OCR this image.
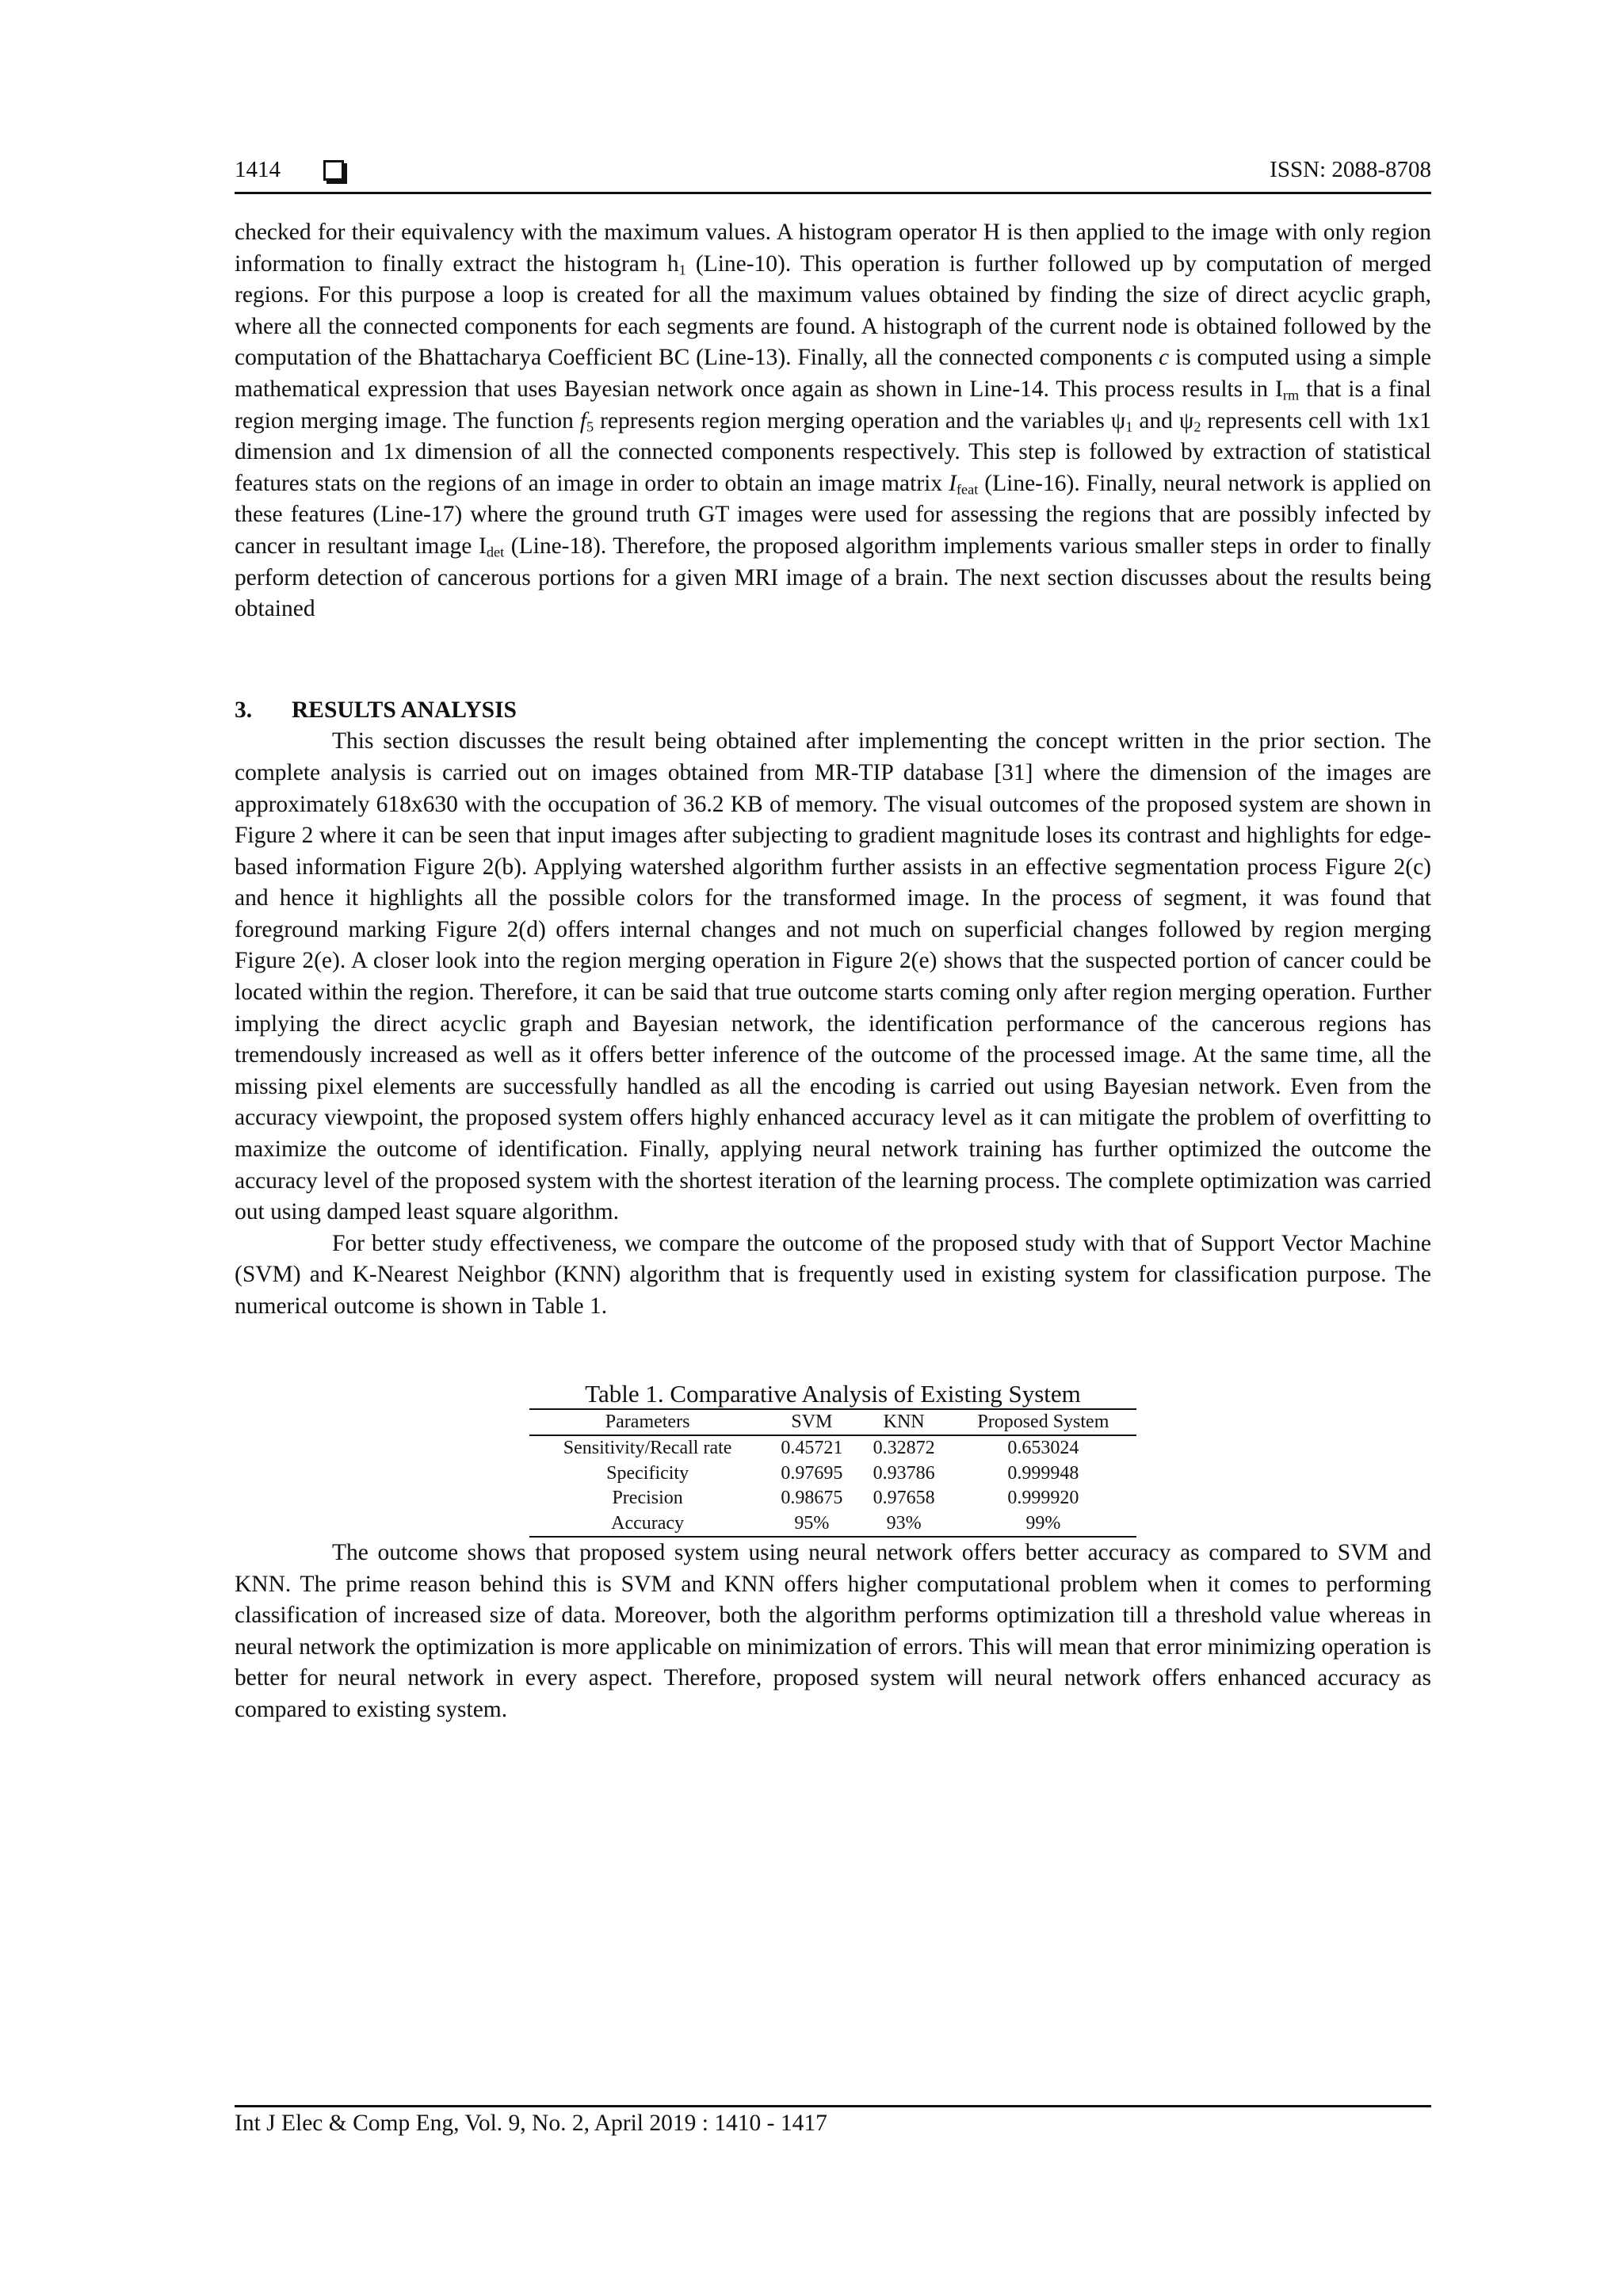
1414	ISSN: 2088-8708

checked for their equivalency with the maximum values. A histogram operator H is then applied to the image with only region information to finally extract the histogram $h_1$ (Line-10). This operation is further followed up by computation of merged regions. For this purpose a loop is created for all the maximum values obtained by finding the size of direct acyclic graph, where all the connected components for each segments are found. A histograph of the current node is obtained followed by the computation of the Bhattacharya Coefficient BC (Line-13). Finally, all the connected components c is computed using a simple mathematical expression that uses Bayesian network once again as shown in Line-14. This process results in $I_{rm}$ that is a final region merging image. The function $f_5$ represents region merging operation and the variables $\psi_1$ and $\psi_2$ represents cell with 1x1 dimension and 1x dimension of all the connected components respectively. This step is followed by extraction of statistical features stats on the regions of an image in order to obtain an image matrix $I_{feat}$ (Line-16). Finally, neural network is applied on these features (Line-17) where the ground truth GT images were used for assessing the regions that are possibly infected by cancer in resultant image $I_{det}$ (Line-18). Therefore, the proposed algorithm implements various smaller steps in order to finally perform detection of cancerous portions for a given MRI image of a brain. The next section discusses about the results being obtained

3. RESULTS ANALYSIS

This section discusses the result being obtained after implementing the concept written in the prior section. The complete analysis is carried out on images obtained from MR-TIP database [31] where the dimension of the images are approximately 618x630 with the occupation of 36.2 KB of memory. The visual outcomes of the proposed system are shown in Figure 2 where it can be seen that input images after subjecting to gradient magnitude loses its contrast and highlights for edge-based information Figure 2(b). Applying watershed algorithm further assists in an effective segmentation process Figure 2(c) and hence it highlights all the possible colors for the transformed image. In the process of segment, it was found that foreground marking Figure 2(d) offers internal changes and not much on superficial changes followed by region merging Figure 2(e). A closer look into the region merging operation in Figure 2(e) shows that the suspected portion of cancer could be located within the region. Therefore, it can be said that true outcome starts coming only after region merging operation. Further implying the direct acyclic graph and Bayesian network, the identification performance of the cancerous regions has tremendously increased as well as it offers better inference of the outcome of the processed image. At the same time, all the missing pixel elements are successfully handled as all the encoding is carried out using Bayesian network. Even from the accuracy viewpoint, the proposed system offers highly enhanced accuracy level as it can mitigate the problem of overfitting to maximize the outcome of identification. Finally, applying neural network training has further optimized the outcome the accuracy level of the proposed system with the shortest iteration of the learning process. The complete optimization was carried out using damped least square algorithm.

For better study effectiveness, we compare the outcome of the proposed study with that of Support Vector Machine (SVM) and K-Nearest Neighbor (KNN) algorithm that is frequently used in existing system for classification purpose. The numerical outcome is shown in Table 1.

Table 1. Comparative Analysis of Existing System
Parameters	SVM	KNN	Proposed System
Sensitivity/Recall rate	0.45721	0.32872	0.653024
Specificity	0.97695	0.93786	0.999948
Precision	0.98675	0.97658	0.999920
Accuracy	95%	93%	99%

The outcome shows that proposed system using neural network offers better accuracy as compared to SVM and KNN. The prime reason behind this is SVM and KNN offers higher computational problem when it comes to performing classification of increased size of data. Moreover, both the algorithm performs optimization till a threshold value whereas in neural network the optimization is more applicable on minimization of errors. This will mean that error minimizing operation is better for neural network in every aspect. Therefore, proposed system will neural network offers enhanced accuracy as compared to existing system.

Int J Elec & Comp Eng, Vol. 9, No. 2, April 2019 : 1410 - 1417
